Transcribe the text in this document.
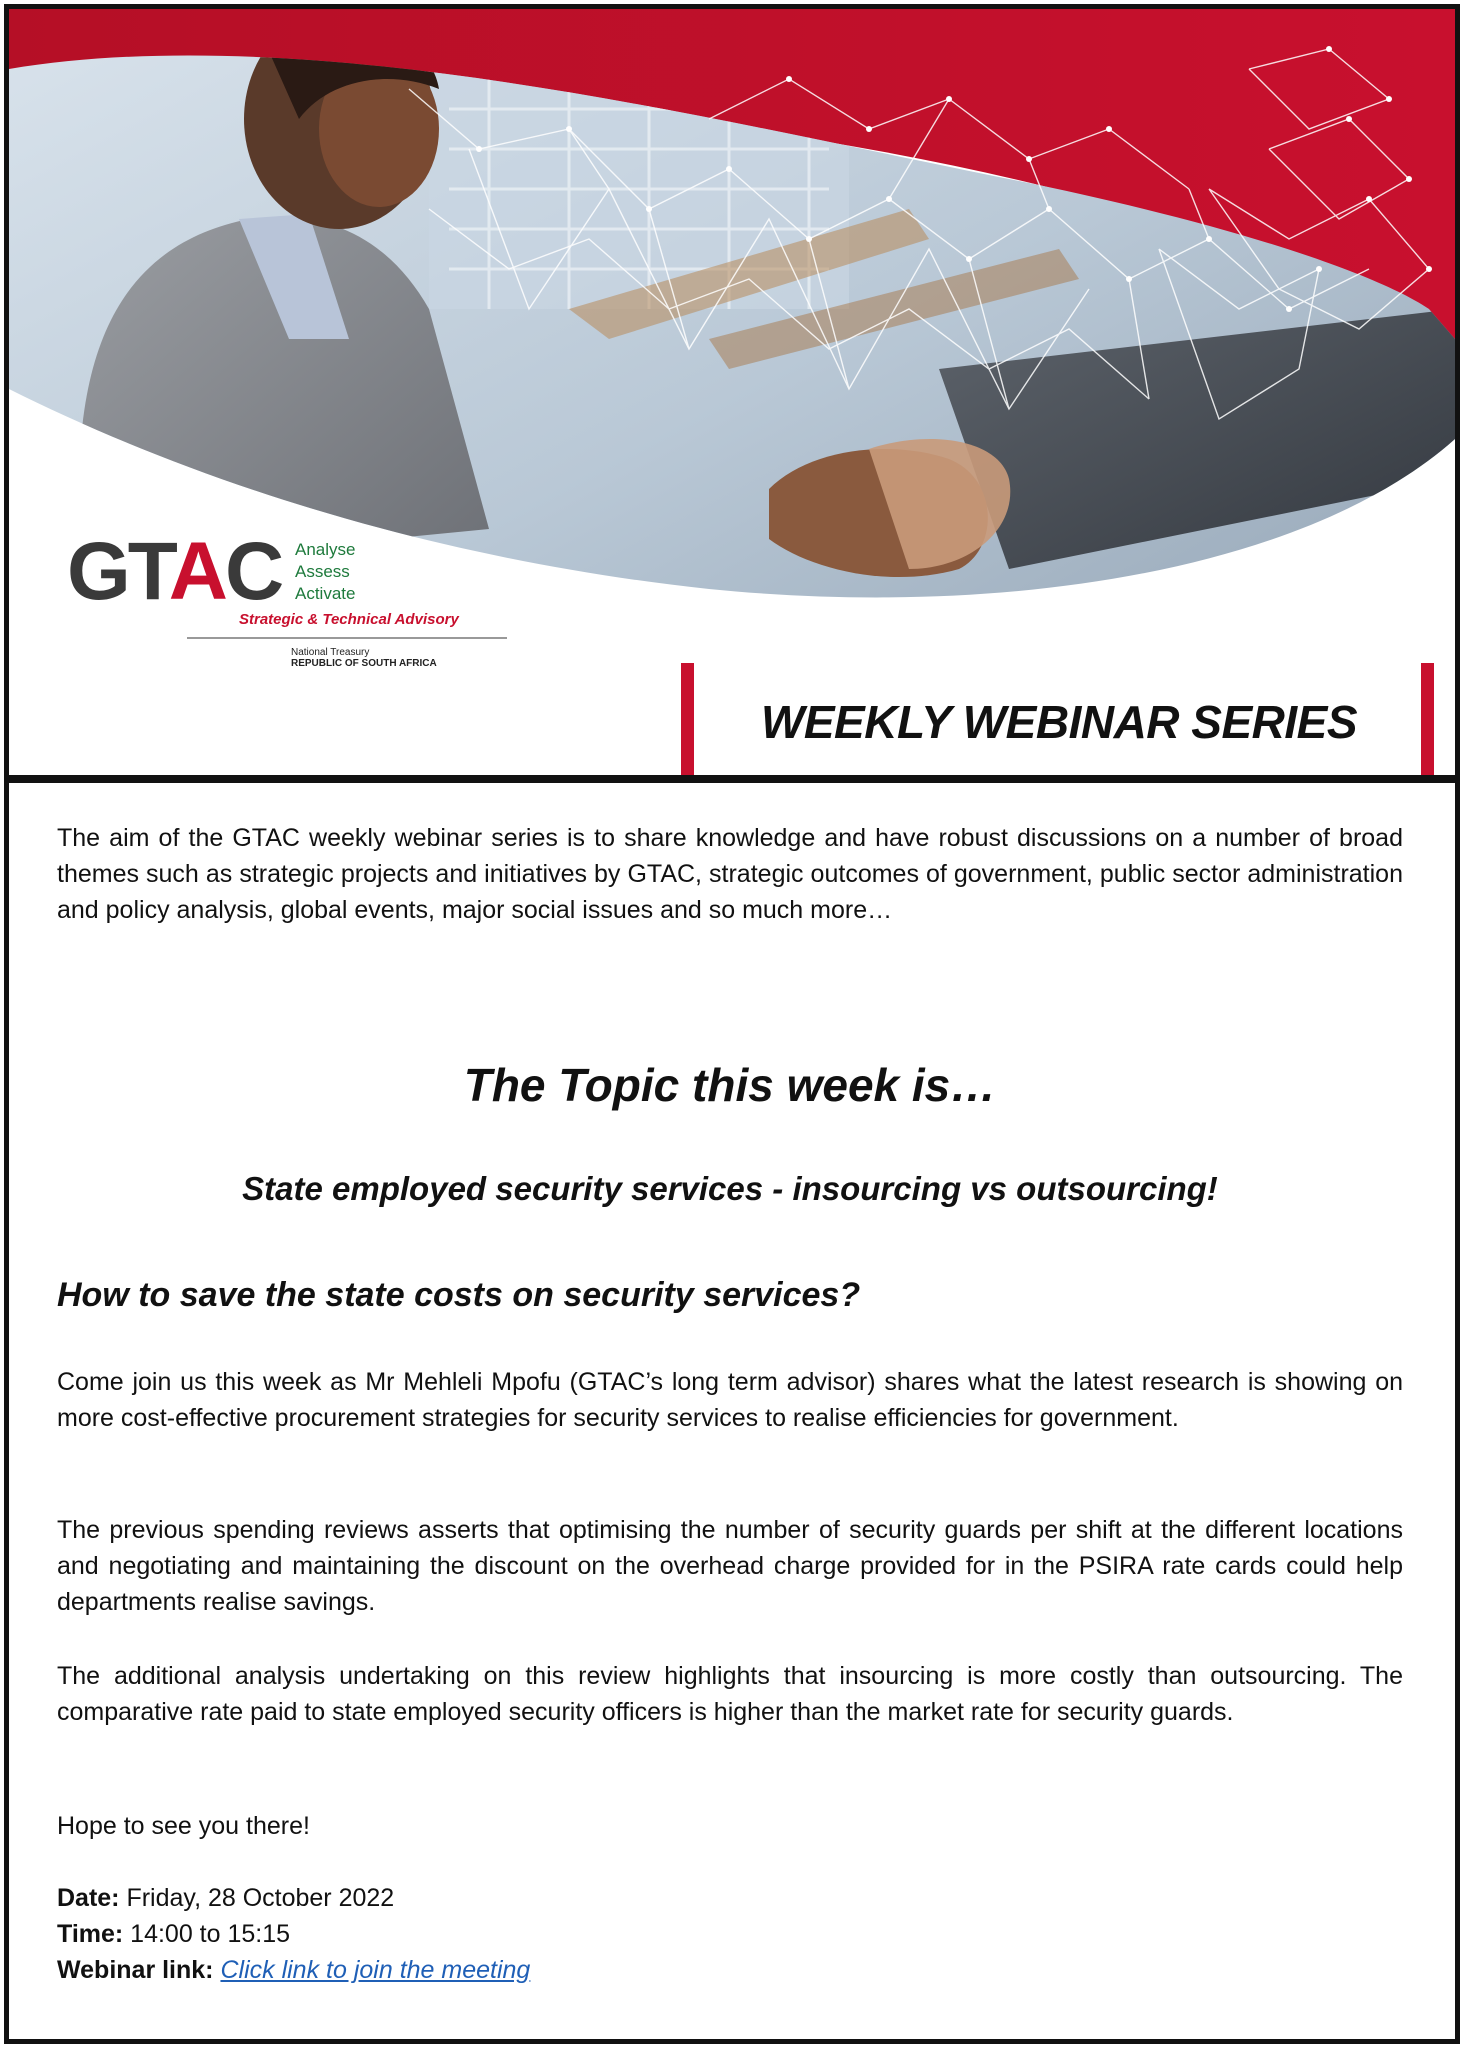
GTAC Analyse
Assess
Activate
Strategic & Technical Advisory
National Treasury
REPUBLIC OF SOUTH AFRICA
WEEKLY WEBINAR SERIES
The aim of the GTAC weekly webinar series is to share knowledge and have robust discussions on a number of broad themes such as strategic projects and initiatives by GTAC, strategic outcomes of government, public sector administration and policy analysis, global events, major social issues and so much more…
The Topic this week is…
State employed security services - insourcing vs outsourcing!
How to save the state costs on security services?
Come join us this week as Mr Mehleli Mpofu (GTAC’s long term advisor) shares what the latest research is showing on more cost-effective procurement strategies for security services to realise efficiencies for government.
The previous spending reviews asserts that optimising the number of security guards per shift at the different locations and negotiating and maintaining the discount on the overhead charge provided for in the PSIRA rate cards could help departments realise savings.
The additional analysis undertaking on this review highlights that insourcing is more costly than outsourcing. The comparative rate paid to state employed security officers is higher than the market rate for security guards.
Hope to see you there!
Date: Friday, 28 October 2022
Time: 14:00 to 15:15
Webinar link: Click link to join the meeting
